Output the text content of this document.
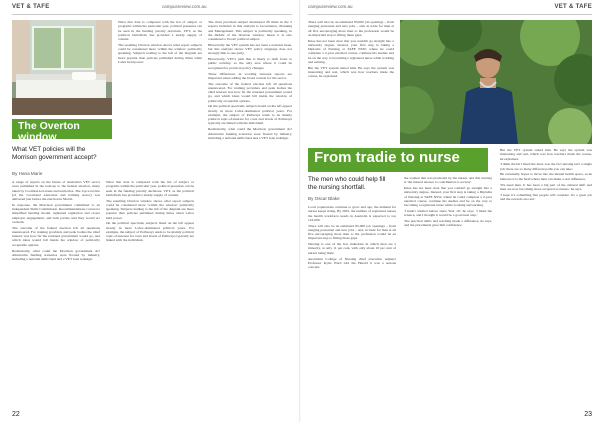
VET & TAFE	campusreview.com.au
The Overton window
What VET policies will the Morrison government accept?
By Hana Marie

A range of reports on the future of Australia's VET sector were published in the lead-up to the federal election, many taken by Coalition-led states and territories. The Joyce review (of the vocational education and training sector) was delivered just before the election in March.

In response, the Morrison government committed to an independent Skills Commission. Recommendations covered a simplified funding model, tightened regulation and closer employer engagement, and both parties said they would act on them.

The outcome of the federal election left all questions unanswered. For training providers and peak bodies the chief interest was how far the returned government would go, and which ideas would fall inside the window of politically acceptable options.

Realistically, what could the Morrison government do? Alternative funding scenarios were floated by industry, including a national skills fund and a VET loan redesign.

What that data is compared with the list of subject or programs within the particular year, political pressures can be seen in the funding priority decisions. VET, as the political battlefield, has provided a steady supply of content.

The resulting Overton window shows what report subjects could be considered more 'within the window' politically speaking. Subjects leading to the left of the diagram are more popular than policies published during times when Labor held power.

On the political spectrum, subjects listed on the left appear mostly in more Labor-dominated political years. For example, the subject of Pathways tends to be mainly political topic-of-interest for costs and levels of Pathways typically are linked with the individual.

What that data is compared with the list of subject or programs within the particular year, political pressures can be seen in the funding priority decisions. VET, as the political battlefield, has provided a steady supply of content.

The resulting Overton window shows what report subjects could be considered more 'within the window' politically speaking. Subjects leading to the left of the diagram are more popular than policies published during times when Labor held power.

The most prevalent subject mentioned 28 times in the 5 reports included in this analysis is Governance, Planning and Management. This subject is politically speaking, in the middle of the Overton window, hence it is also considered a 'broad' political subject.

Historically the VET system has not been a national issue, but this analysis shows VET policy language does not strongly link to one party.

Historically, VET's path that is likely to shift focus to public scrutiny, as the only area where it could be recognised for practical policy changes.

These differences in wording between reports are important when adding the broad context for the sector.

The outcome of the federal election left all questions unanswered. For training providers and peak bodies the chief interest was how far the returned government would go, and which ideas would fall inside the window of politically acceptable options.

On the political spectrum, subjects listed on the left appear mostly in more Labor-dominated political years. For example, the subject of Pathways tends to be mainly political topic-of-interest for costs and levels of Pathways typically are linked with the individual.

Realistically, what could the Morrison government do? Alternative funding scenarios were floated by industry, including a national skills fund and a VET loan redesign.

22
campusreview.com.au	VET & TAFE
From tradie to nurse
The men who could help fill the nursing shortfall.
By Oscar Blake

Local populations continue to grow and age, the demand for nurses keeps rising. By 2025, the number of registered nurses the health workforce needs in Australia is expected to top 123,000.

There will also be an estimated 85,000 job openings – from unaging personnel and new jobs – and, in trade for men at all five encouraging more men to the profession would be an important step to filling these gaps.

Nursing is one of the few industries in which men are a minority, at only 11 per cent, with only about 10 per cent of nurses being male.

Australian College of Nursing chief executive Adjunct Professor Kylie Ward told the Herald it was a serious concern.

the women that was promoted by the nurses, and that nursing is 'the natural answer to contribution to society'.

Knee has not been clear that you couldn't go straight into a university degree. Instead, your first step is taking a Diploma of Nursing at TAFE NSW, where he could complete a 2-year enrolled course, continue his studies and be on the way to becoming a registered nurse while working and earning.

'I hadn't studied before since Year 10,' he says. 'I liked the science, and I thought it would be a good next step.'

The practical skills and teaching made a difference, he says, and the placements gave him confidence.

But the VET system suited him. He says the system was interesting and real, which was how teachers made the course, he explained.

'I think the bit I liked the most was the fact nursing isn't a single job; there are so many different paths you can take.'

He eventually hopes to move into the mental health space, as he believes it is the field where men can make a real difference.

'We need men. It has been a big part of the cultural shift and men are now becoming more accepted as nurses,' he says.

'I hope it's something that people will consider. It's a great job and the rewards are real.'

There will also be an estimated 85,000 job openings – from unaging personnel and new jobs – and, in trade for men at all five encouraging more men to the profession would be an important step to filling these gaps.

Knee has not been clear that you couldn't go straight into a university degree. Instead, your first step is taking a Diploma of Nursing at TAFE NSW, where he could complete a 2-year enrolled course, continue his studies and be on the way to becoming a registered nurse while working and earning.

But the VET system suited him. He says the system was interesting and real, which was how teachers made the course, he explained.

23
